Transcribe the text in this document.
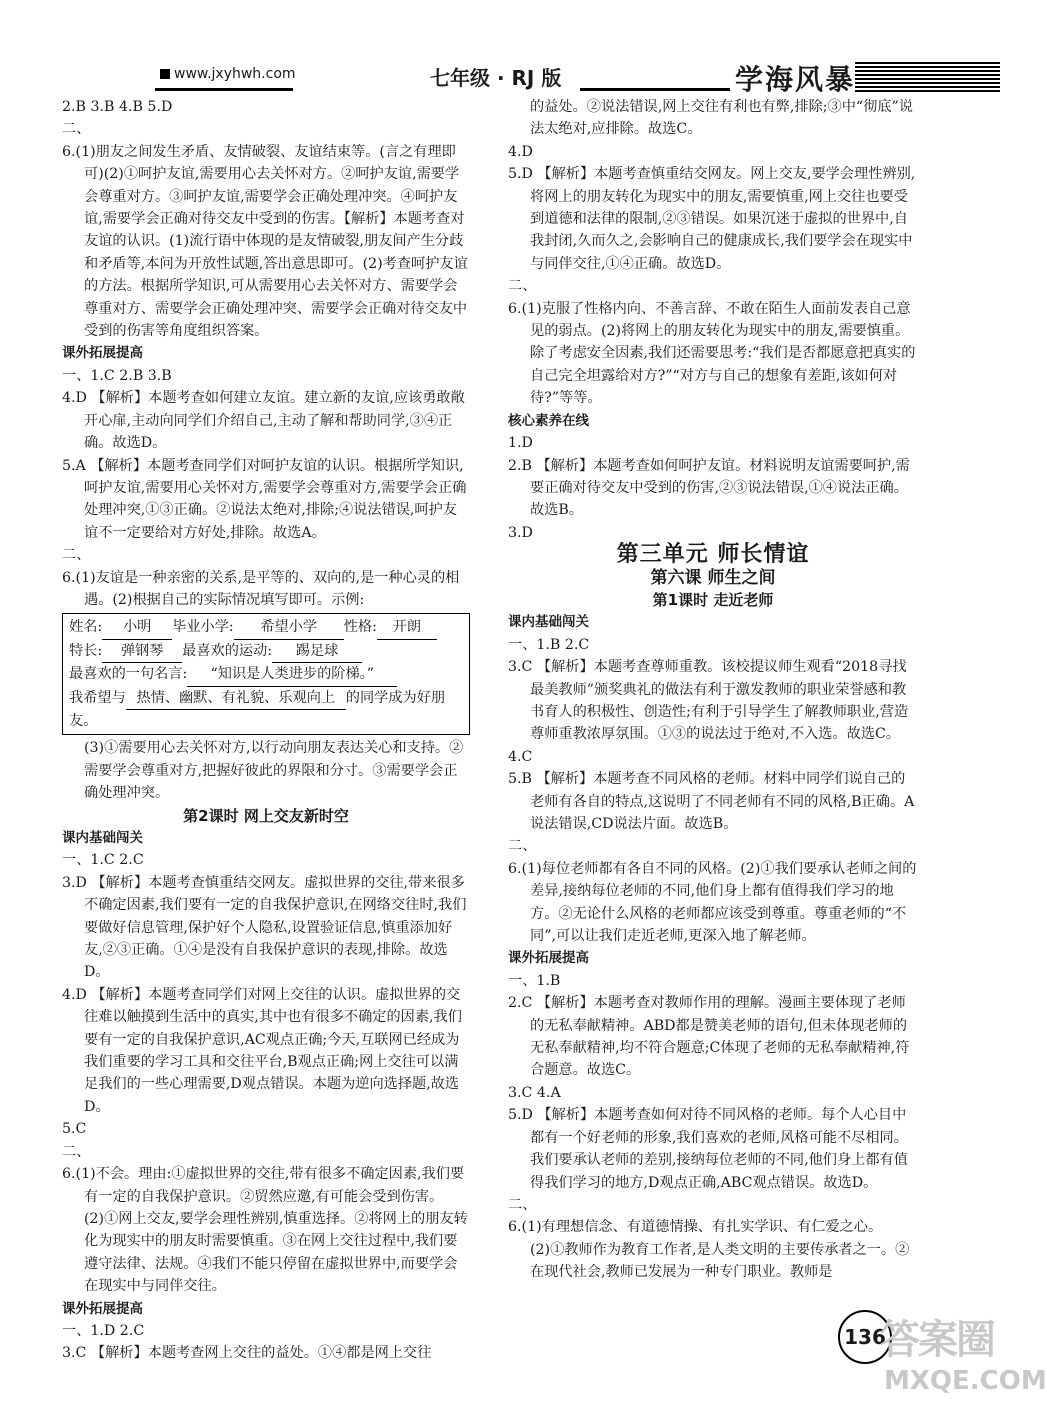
www.jxyhwh.com	七年级 · RJ 版	学海风暴

2.B 3.B 4.B 5.D

二、

6.(1)朋友之间发生矛盾、友情破裂、友谊结束等。(言之有理即可)(2)①呵护友谊,需要用心去关怀对方。②呵护友谊,需要学会尊重对方。③呵护友谊,需要学会正确处理冲突。④呵护友谊,需要学会正确对待交友中受到的伤害。【解析】本题考查对友谊的认识。(1)流行语中体现的是友情破裂,朋友间产生分歧和矛盾等,本问为开放性试题,答出意思即可。(2)考查呵护友谊的方法。根据所学知识,可从需要用心去关怀对方、需要学会尊重对方、需要学会正确处理冲突、需要学会正确对待交友中受到的伤害等角度组织答案。

课外拓展提高

一、1.C 2.B 3.B

4.D 【解析】本题考查如何建立友谊。建立新的友谊,应该勇敢敞开心扉,主动向同学们介绍自己,主动了解和帮助同学,③④正确。故选D。

5.A 【解析】本题考查同学们对呵护友谊的认识。根据所学知识,呵护友谊,需要用心关怀对方,需要学会尊重对方,需要学会正确处理冲突,①③正确。②说法太绝对,排除;④说法错误,呵护友谊不一定要给对方好处,排除。故选A。

二、

6.(1)友谊是一种亲密的关系,是平等的、双向的,是一种心灵的相遇。(2)根据自己的实际情况填写即可。示例:

姓名: 小明 毕业小学: 希望小学 性格: 开朗

特长: 弹钢琴 最喜欢的运动: 踢足球

最喜欢的一句名言: “知识是人类进步的阶梯。”

我希望与 热情、幽默、有礼貌、乐观向上 的同学成为好朋友。

(3)①需要用心去关怀对方,以行动向朋友表达关心和支持。②需要学会尊重对方,把握好彼此的界限和分寸。③需要学会正确处理冲突。

第2课时 网上交友新时空

课内基础闯关

一、1.C 2.C

3.D 【解析】本题考查慎重结交网友。虚拟世界的交往,带来很多不确定因素,我们要有一定的自我保护意识,在网络交往时,我们要做好信息管理,保护好个人隐私,设置验证信息,慎重添加好友,②③正确。①④是没有自我保护意识的表现,排除。故选D。

4.D 【解析】本题考查同学们对网上交往的认识。虚拟世界的交往难以触摸到生活中的真实,其中也有很多不确定的因素,我们要有一定的自我保护意识,AC观点正确;今天,互联网已经成为我们重要的学习工具和交往平台,B观点正确;网上交往可以满足我们的一些心理需要,D观点错误。本题为逆向选择题,故选D。

5.C

二、

6.(1)不会。理由:①虚拟世界的交往,带有很多不确定因素,我们要有一定的自我保护意识。②贸然应邀,有可能会受到伤害。(2)①网上交友,要学会理性辨别,慎重选择。②将网上的朋友转化为现实中的朋友时需要慎重。③在网上交往过程中,我们要遵守法律、法规。④我们不能只停留在虚拟世界中,而要学会在现实中与同伴交往。

课外拓展提高

一、1.D 2.C

3.C 【解析】本题考查网上交往的益处。①④都是网上交往

的益处。②说法错误,网上交往有利也有弊,排除;③中“彻底”说法太绝对,应排除。故选C。

4.D

5.D 【解析】本题考查慎重结交网友。网上交友,要学会理性辨别,将网上的朋友转化为现实中的朋友,需要慎重,网上交往也要受到道德和法律的限制,②③错误。如果沉迷于虚拟的世界中,自我封闭,久而久之,会影响自己的健康成长,我们要学会在现实中与同伴交往,①④正确。故选D。

二、

6.(1)克服了性格内向、不善言辞、不敢在陌生人面前发表自己意见的弱点。(2)将网上的朋友转化为现实中的朋友,需要慎重。除了考虑安全因素,我们还需要思考:“我们是否都愿意把真实的自己完全坦露给对方?”“对方与自己的想象有差距,该如何对待?”等等。

核心素养在线

1.D

2.B 【解析】本题考查如何呵护友谊。材料说明友谊需要呵护,需要正确对待交友中受到的伤害,②③说法错误,①④说法正确。故选B。

3.D

第三单元 师长情谊

第六课 师生之间

第1课时 走近老师

课内基础闯关

一、1.B 2.C

3.C 【解析】本题考查尊师重教。该校提议师生观看“2018寻找最美教师”颁奖典礼的做法有利于激发教师的职业荣誉感和教书育人的积极性、创造性;有利于引导学生了解教师职业,营造尊师重教浓厚氛围。①③的说法过于绝对,不入选。故选C。

4.C

5.B 【解析】本题考查不同风格的老师。材料中同学们说自己的老师有各自的特点,这说明了不同老师有不同的风格,B正确。A说法错误,CD说法片面。故选B。

二、

6.(1)每位老师都有各自不同的风格。(2)①我们要承认老师之间的差异,接纳每位老师的不同,他们身上都有值得我们学习的地方。②无论什么风格的老师都应该受到尊重。尊重老师的“不同”,可以让我们走近老师,更深入地了解老师。

课外拓展提高

一、1.B

2.C 【解析】本题考查对教师作用的理解。漫画主要体现了老师的无私奉献精神。ABD都是赞美老师的语句,但未体现老师的无私奉献精神,均不符合题意;C体现了老师的无私奉献精神,符合题意。故选C。

3.C 4.A

5.D 【解析】本题考查如何对待不同风格的老师。每个人心目中都有一个好老师的形象,我们喜欢的老师,风格可能不尽相同。我们要承认老师的差别,接纳每位老师的不同,他们身上都有值得我们学习的地方,D观点正确,ABC观点错误。故选D。

二、

6.(1)有理想信念、有道德情操、有扎实学识、有仁爱之心。

(2)①教师作为教育工作者,是人类文明的主要传承者之一。②在现代社会,教师已发展为一种专门职业。教师是

136
答案圈
MXQE.COM
